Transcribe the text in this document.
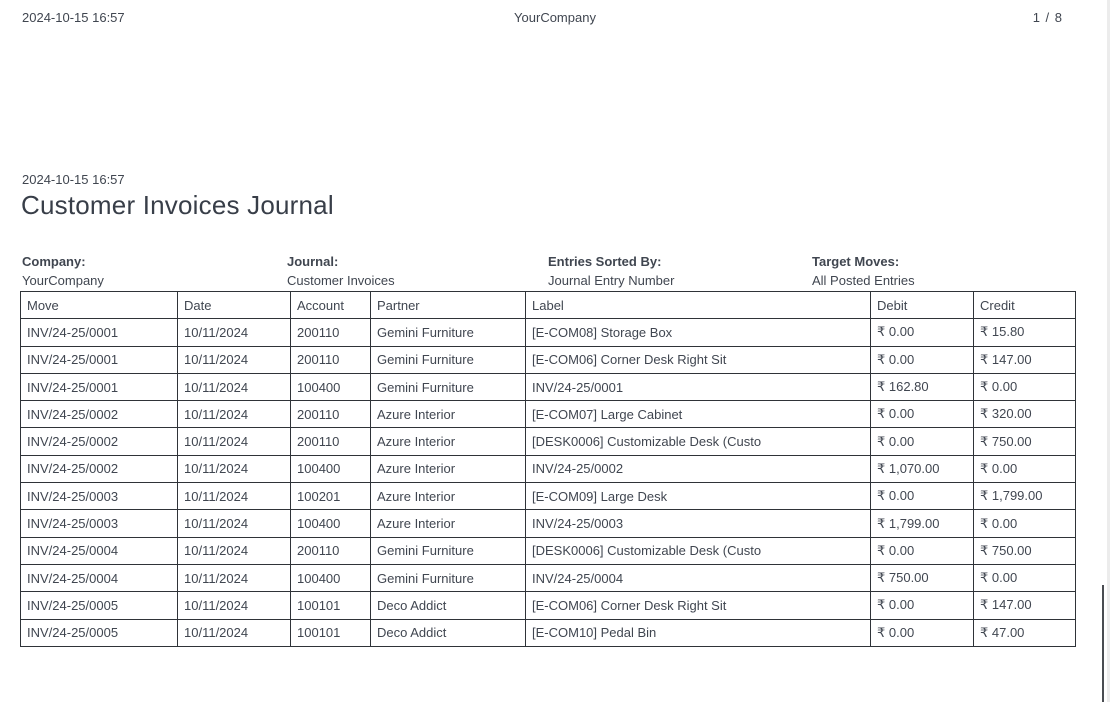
2024-10-15 16:57	YourCompany	1 / 8
2024-10-15 16:57
Customer Invoices Journal
Company:
YourCompany
Journal:
Customer Invoices
Entries Sorted By:
Journal Entry Number
Target Moves:
All Posted Entries
Move	Date	Account	Partner	Label	Debit	Credit
INV/24-25/0001	10/11/2024	200110	Gemini Furniture	[E-COM08] Storage Box	₹ 0.00	₹ 15.80
INV/24-25/0001	10/11/2024	200110	Gemini Furniture	[E-COM06] Corner Desk Right Sit	₹ 0.00	₹ 147.00
INV/24-25/0001	10/11/2024	100400	Gemini Furniture	INV/24-25/0001	₹ 162.80	₹ 0.00
INV/24-25/0002	10/11/2024	200110	Azure Interior	[E-COM07] Large Cabinet	₹ 0.00	₹ 320.00
INV/24-25/0002	10/11/2024	200110	Azure Interior	[DESK0006] Customizable Desk (Custo	₹ 0.00	₹ 750.00
INV/24-25/0002	10/11/2024	100400	Azure Interior	INV/24-25/0002	₹ 1,070.00	₹ 0.00
INV/24-25/0003	10/11/2024	100201	Azure Interior	[E-COM09] Large Desk	₹ 0.00	₹ 1,799.00
INV/24-25/0003	10/11/2024	100400	Azure Interior	INV/24-25/0003	₹ 1,799.00	₹ 0.00
INV/24-25/0004	10/11/2024	200110	Gemini Furniture	[DESK0006] Customizable Desk (Custo	₹ 0.00	₹ 750.00
INV/24-25/0004	10/11/2024	100400	Gemini Furniture	INV/24-25/0004	₹ 750.00	₹ 0.00
INV/24-25/0005	10/11/2024	100101	Deco Addict	[E-COM06] Corner Desk Right Sit	₹ 0.00	₹ 147.00
INV/24-25/0005	10/11/2024	100101	Deco Addict	[E-COM10] Pedal Bin	₹ 0.00	₹ 47.00
